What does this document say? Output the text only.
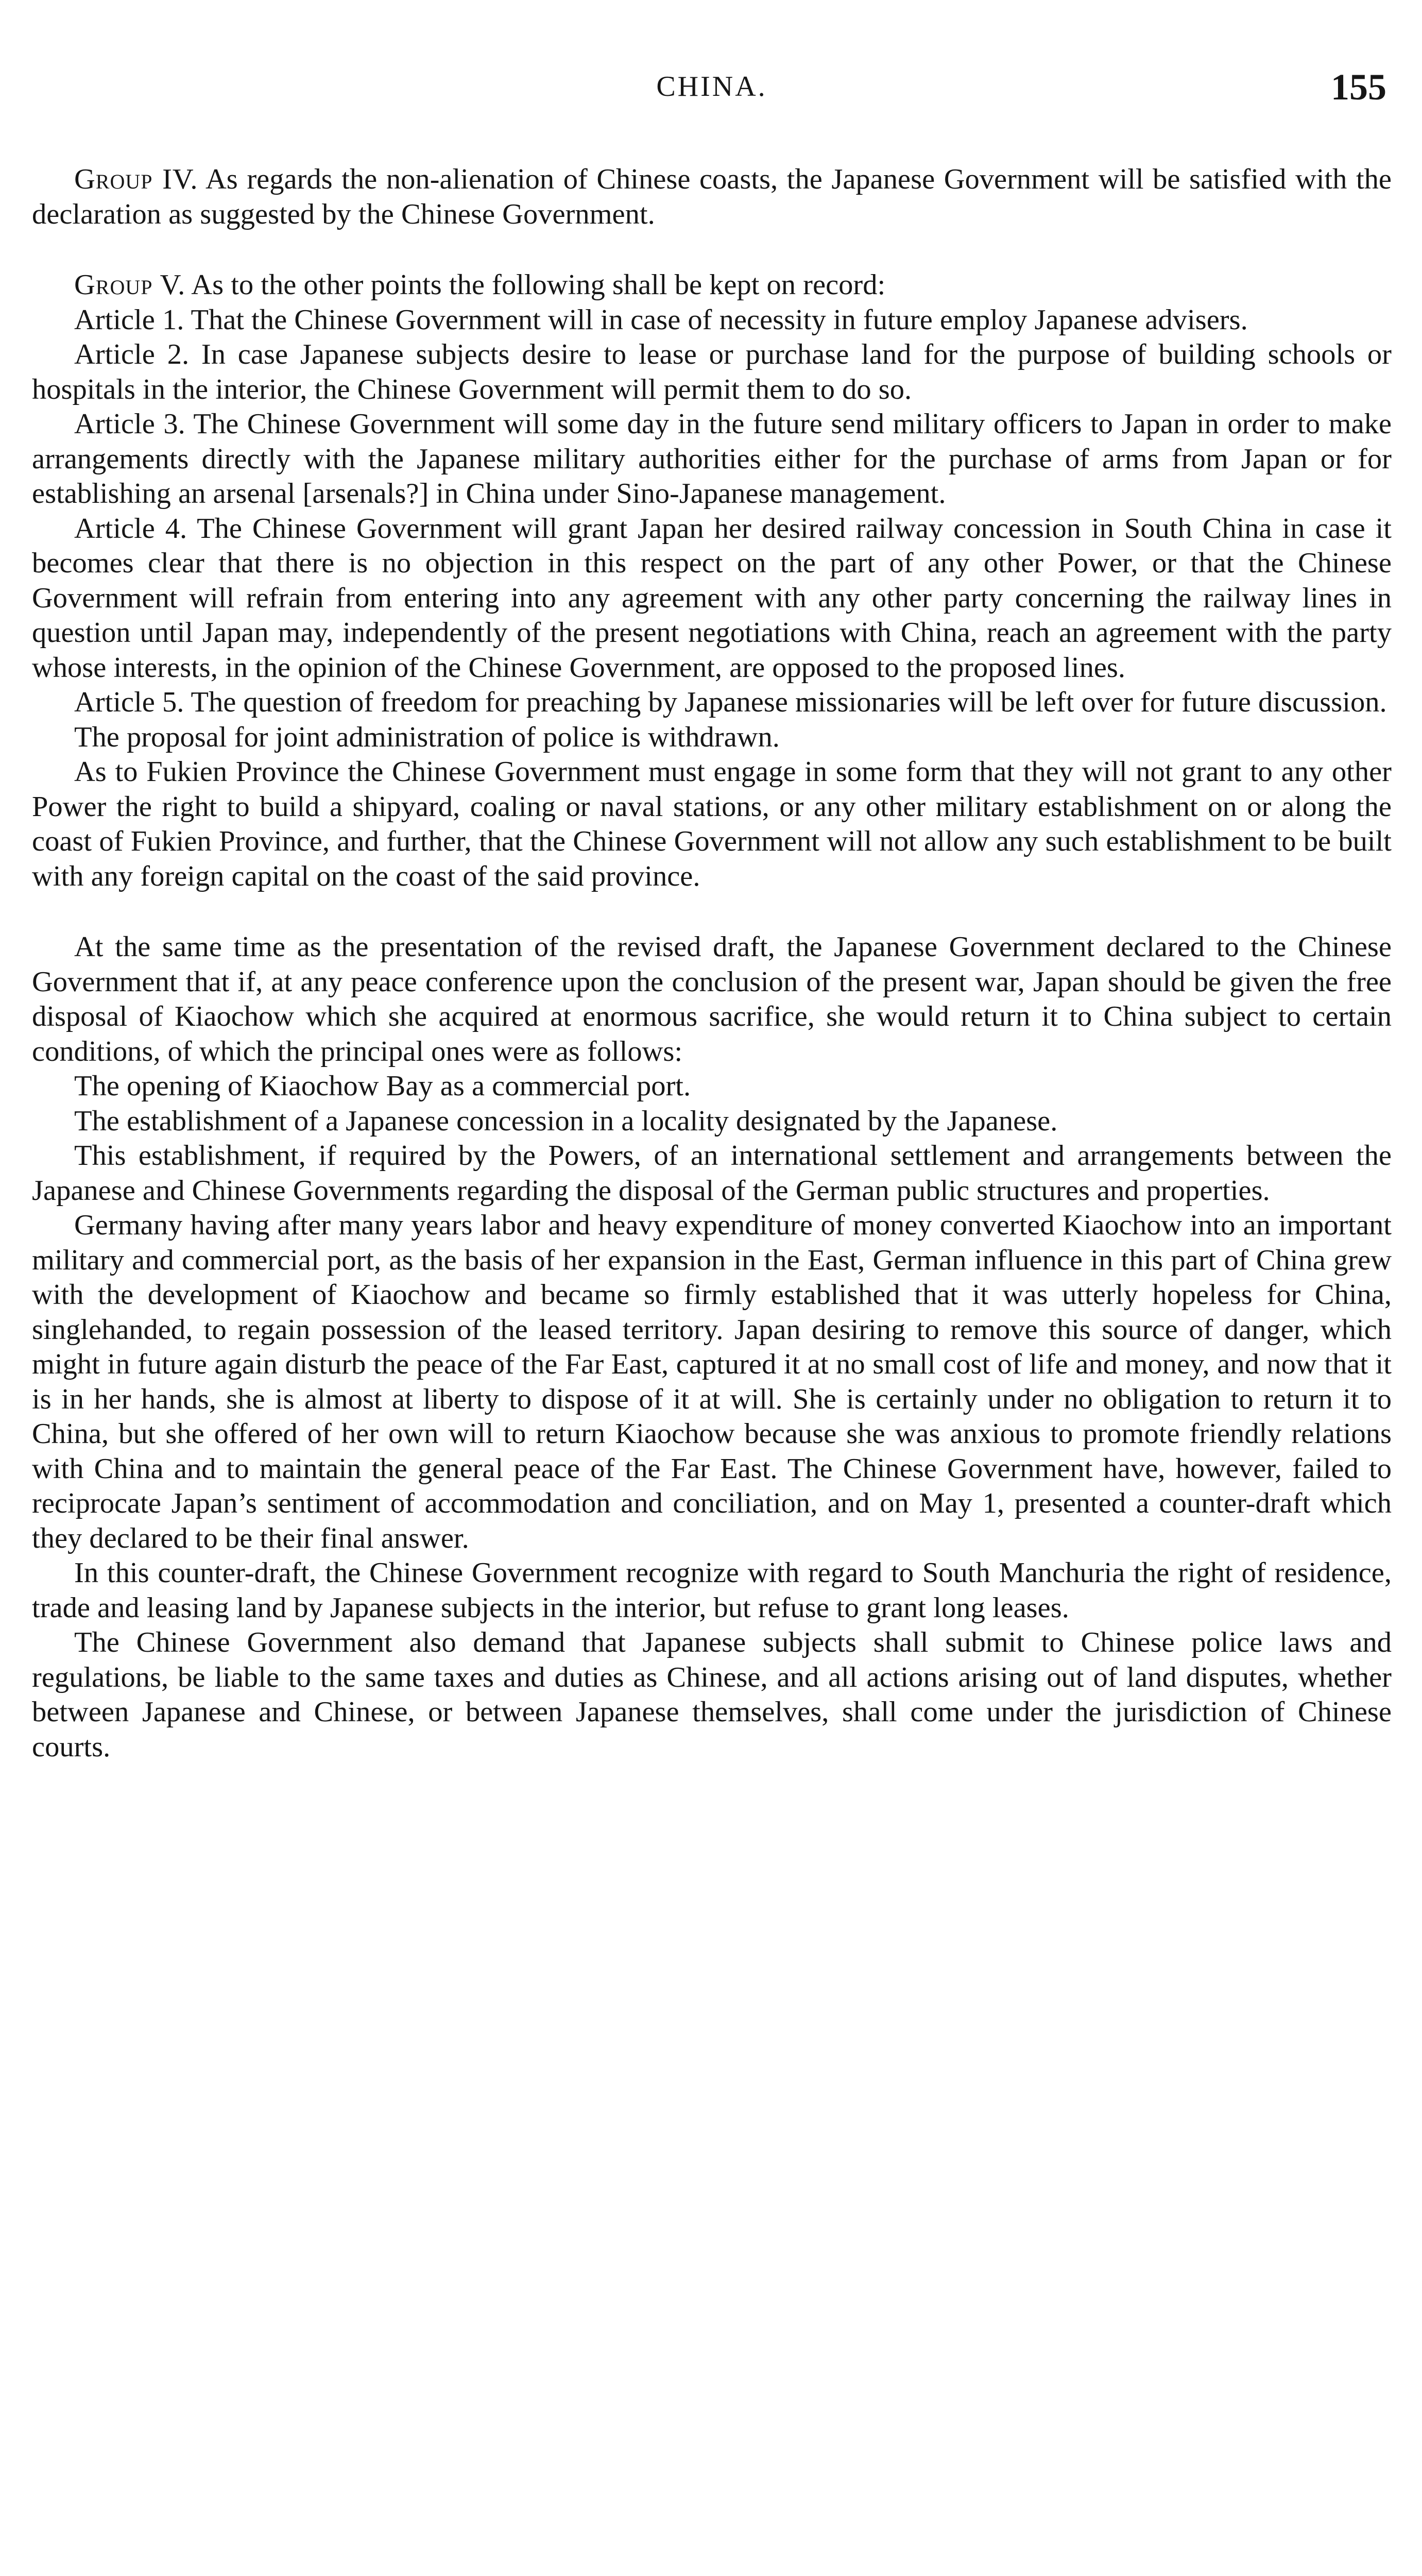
CHINA.	155

Group IV. As regards the non-alienation of Chinese coasts, the Japanese Government will be satisfied with the declaration as suggested by the Chinese Government.

Group V. As to the other points the following shall be kept on record:

Article 1. That the Chinese Government will in case of necessity in future employ Japanese advisers.

Article 2. In case Japanese subjects desire to lease or purchase land for the purpose of building schools or hospitals in the interior, the Chinese Government will permit them to do so.

Article 3. The Chinese Government will some day in the future send military officers to Japan in order to make arrangements directly with the Japanese military authorities either for the purchase of arms from Japan or for establishing an arsenal [arsenals?] in China under Sino-Japanese management.

Article 4. The Chinese Government will grant Japan her desired railway concession in South China in case it becomes clear that there is no objection in this respect on the part of any other Power, or that the Chinese Government will refrain from entering into any agreement with any other party concerning the railway lines in question until Japan may, independently of the present negotiations with China, reach an agreement with the party whose interests, in the opinion of the Chinese Government, are opposed to the proposed lines.

Article 5. The question of freedom for preaching by Japanese missionaries will be left over for future discussion.

The proposal for joint administration of police is withdrawn.

As to Fukien Province the Chinese Government must engage in some form that they will not grant to any other Power the right to build a shipyard, coaling or naval stations, or any other military establishment on or along the coast of Fukien Province, and further, that the Chinese Government will not allow any such establishment to be built with any foreign capital on the coast of the said province.

At the same time as the presentation of the revised draft, the Japanese Government declared to the Chinese Government that if, at any peace conference upon the conclusion of the present war, Japan should be given the free disposal of Kiaochow which she acquired at enormous sacrifice, she would return it to China subject to certain conditions, of which the principal ones were as follows:

The opening of Kiaochow Bay as a commercial port.

The establishment of a Japanese concession in a locality designated by the Japanese.

This establishment, if required by the Powers, of an international settlement and arrangements between the Japanese and Chinese Governments regarding the disposal of the German public structures and properties.

Germany having after many years labor and heavy expenditure of money converted Kiaochow into an important military and commercial port, as the basis of her expansion in the East, German influence in this part of China grew with the development of Kiaochow and became so firmly established that it was utterly hopeless for China, singlehanded, to regain possession of the leased territory. Japan desiring to remove this source of danger, which might in future again disturb the peace of the Far East, captured it at no small cost of life and money, and now that it is in her hands, she is almost at liberty to dispose of it at will. She is certainly under no obligation to return it to China, but she offered of her own will to return Kiaochow because she was anxious to promote friendly relations with China and to maintain the general peace of the Far East. The Chinese Government have, however, failed to reciprocate Japan’s sentiment of accommodation and conciliation, and on May 1, presented a counter-draft which they declared to be their final answer.

In this counter-draft, the Chinese Government recognize with regard to South Manchuria the right of residence, trade and leasing land by Japanese subjects in the interior, but refuse to grant long leases.

The Chinese Government also demand that Japanese subjects shall submit to Chinese police laws and regulations, be liable to the same taxes and duties as Chinese, and all actions arising out of land disputes, whether between Japanese and Chinese, or between Japanese themselves, shall come under the jurisdiction of Chinese courts.
